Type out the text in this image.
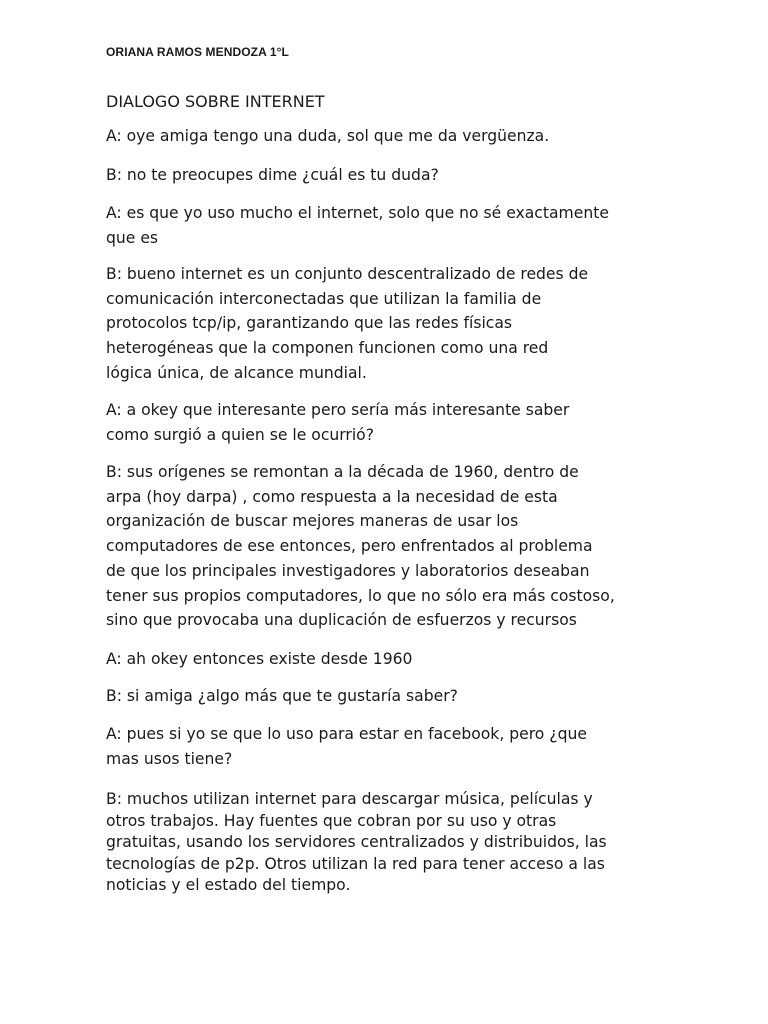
ORIANA RAMOS MENDOZA 1°L
DIALOGO SOBRE INTERNET
A: oye amiga tengo una duda, sol que me da vergüenza.
B: no te preocupes dime ¿cuál es tu duda?
A: es que yo uso mucho el internet, solo que no sé exactamente
que es
B: bueno internet es un conjunto descentralizado de redes de
comunicación interconectadas que utilizan la familia de
protocolos tcp/ip, garantizando que las redes físicas
heterogéneas que la componen funcionen como una red
lógica única, de alcance mundial.
A: a okey que interesante pero sería más interesante saber
como surgió a quien se le ocurrió?
B: sus orígenes se remontan a la década de 1960, dentro de
arpa (hoy darpa) , como respuesta a la necesidad de esta
organización de buscar mejores maneras de usar los
computadores de ese entonces, pero enfrentados al problema
de que los principales investigadores y laboratorios deseaban
tener sus propios computadores, lo que no sólo era más costoso,
sino que provocaba una duplicación de esfuerzos y recursos
A: ah okey entonces existe desde 1960
B: si amiga ¿algo más que te gustaría saber?
A: pues si yo se que lo uso para estar en facebook, pero ¿que
mas usos tiene?
B: muchos utilizan internet para descargar música, películas y
otros trabajos. Hay fuentes que cobran por su uso y otras
gratuitas, usando los servidores centralizados y distribuidos, las
tecnologías de p2p. Otros utilizan la red para tener acceso a las
noticias y el estado del tiempo.
